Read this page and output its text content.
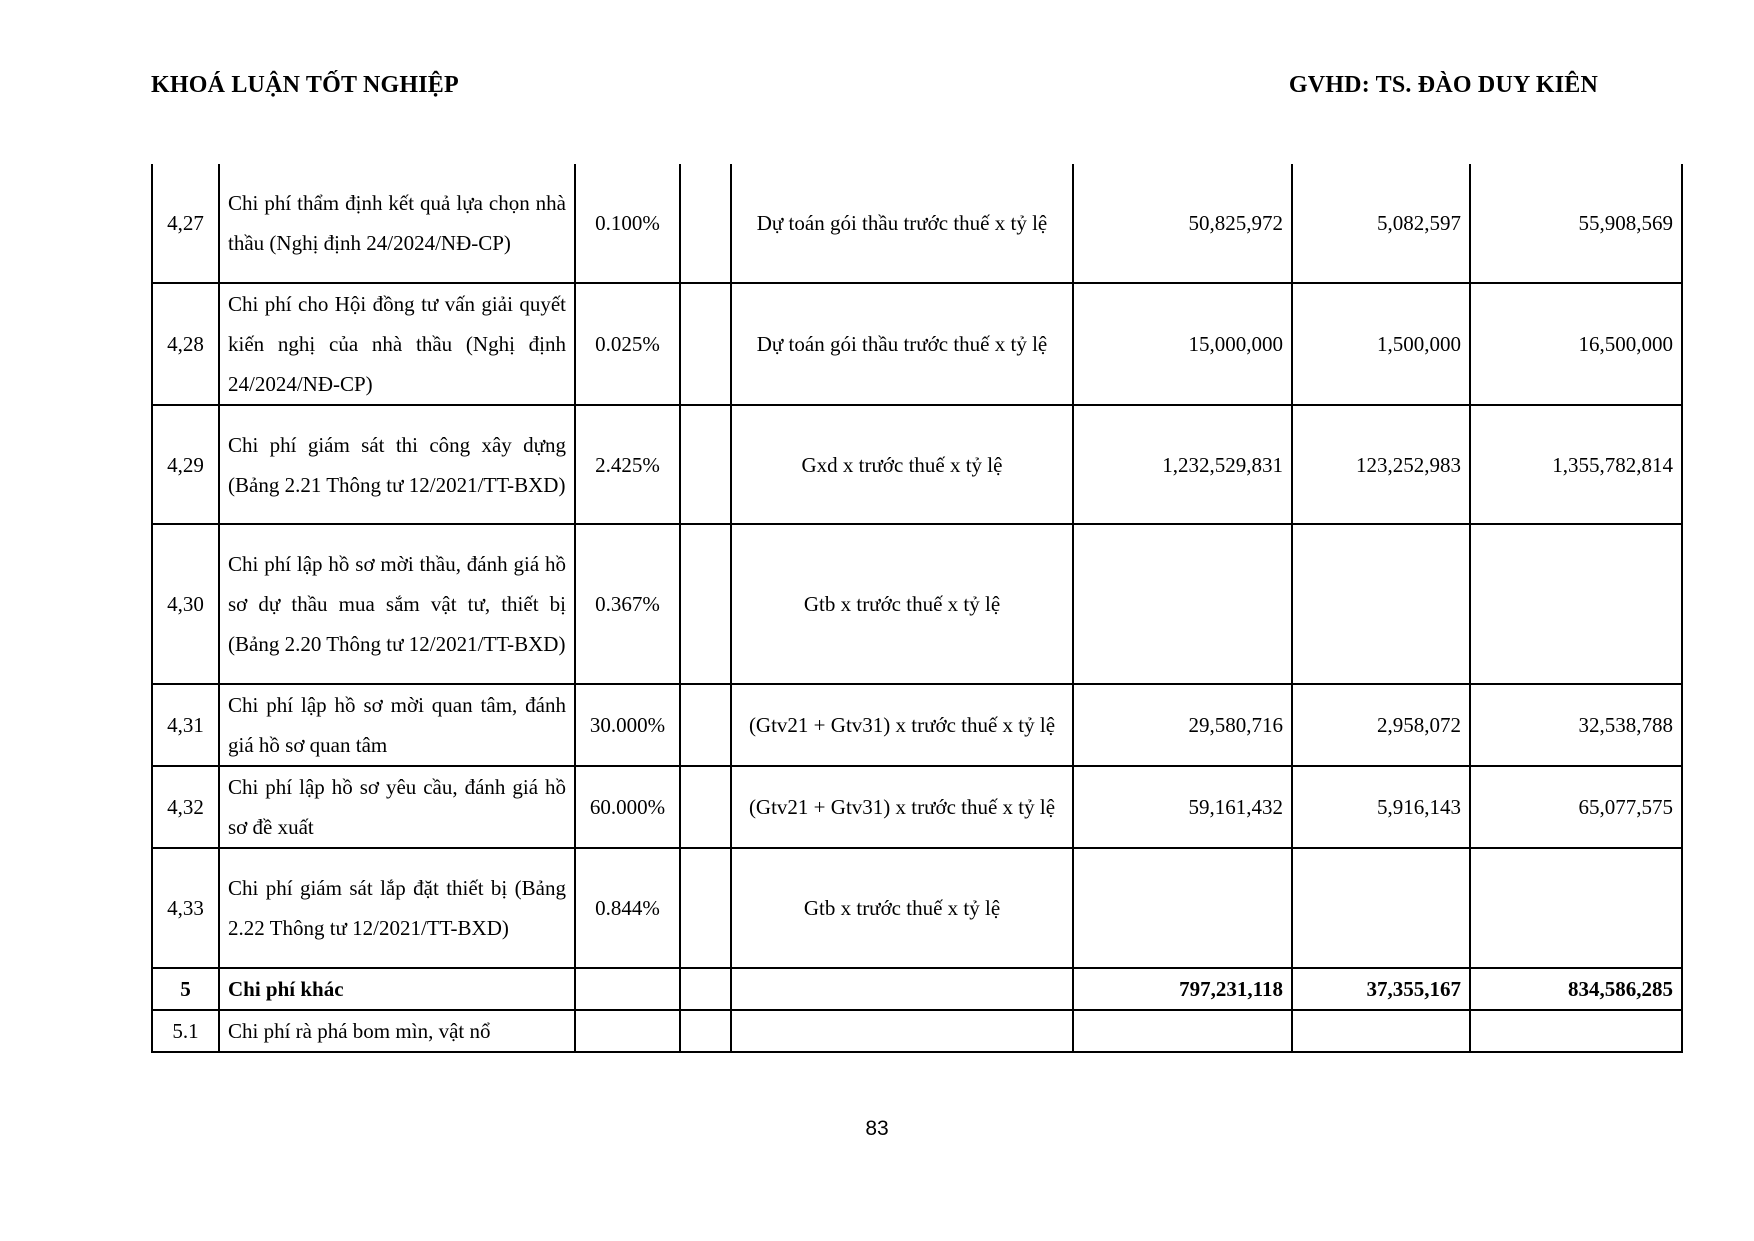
KHOÁ LUẬN TỐT NGHIỆP	GVHD: TS. ĐÀO DUY KIÊN
4,27	Chi phí thẩm định kết quả lựa chọn nhà thầu (Nghị định 24/2024/NĐ-CP)	0.100%		Dự toán gói thầu trước thuế x tỷ lệ	50,825,972	5,082,597	55,908,569
4,28	Chi phí cho Hội đồng tư vấn giải quyết kiến nghị của nhà thầu (Nghị định 24/2024/NĐ-CP)	0.025%		Dự toán gói thầu trước thuế x tỷ lệ	15,000,000	1,500,000	16,500,000
4,29	Chi phí giám sát thi công xây dựng (Bảng 2.21 Thông tư 12/2021/TT-BXD)	2.425%		Gxd x trước thuế x tỷ lệ	1,232,529,831	123,252,983	1,355,782,814
4,30	Chi phí lập hồ sơ mời thầu, đánh giá hồ sơ dự thầu mua sắm vật tư, thiết bị (Bảng 2.20 Thông tư 12/2021/TT-BXD)	0.367%		Gtb x trước thuế x tỷ lệ			
4,31	Chi phí lập hồ sơ mời quan tâm, đánh giá hồ sơ quan tâm	30.000%		(Gtv21 + Gtv31) x trước thuế x tỷ lệ	29,580,716	2,958,072	32,538,788
4,32	Chi phí lập hồ sơ yêu cầu, đánh giá hồ sơ đề xuất	60.000%		(Gtv21 + Gtv31) x trước thuế x tỷ lệ	59,161,432	5,916,143	65,077,575
4,33	Chi phí giám sát lắp đặt thiết bị (Bảng 2.22 Thông tư 12/2021/TT-BXD)	0.844%		Gtb x trước thuế x tỷ lệ			
5	Chi phí khác				797,231,118	37,355,167	834,586,285
5.1	Chi phí rà phá bom mìn, vật nổ						
83
